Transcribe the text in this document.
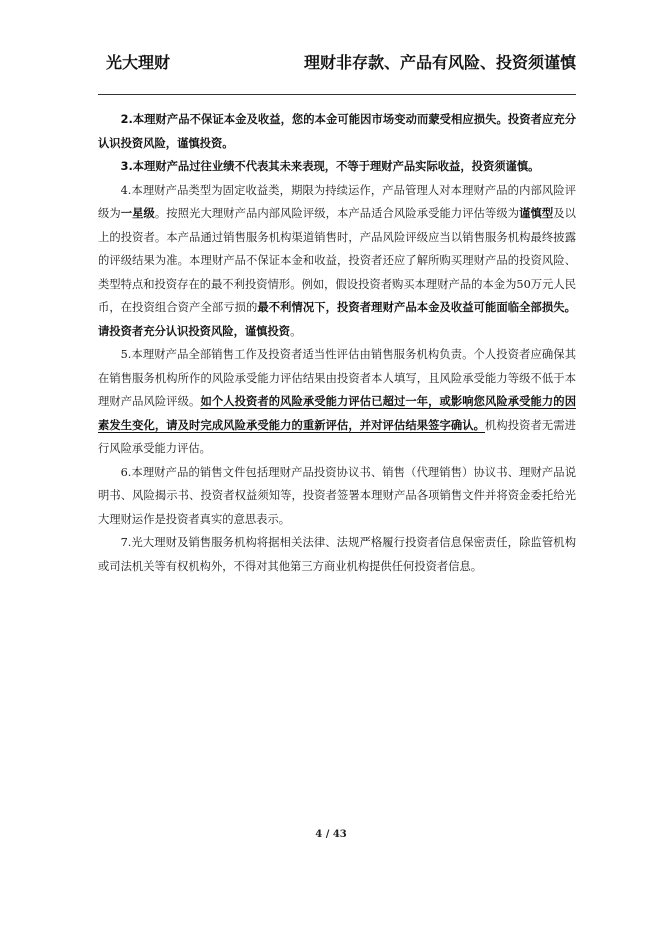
光大理财	理财非存款、产品有风险、投资须谨慎

2.本理财产品不保证本金及收益，您的本金可能因市场变动而蒙受相应损失。投资者应充分认识投资风险，谨慎投资。

3.本理财产品过往业绩不代表其未来表现，不等于理财产品实际收益，投资须谨慎。

4.本理财产品类型为固定收益类，期限为持续运作，产品管理人对本理财产品的内部风险评级为一星级。按照光大理财产品内部风险评级，本产品适合风险承受能力评估等级为谨慎型及以上的投资者。本产品通过销售服务机构渠道销售时，产品风险评级应当以销售服务机构最终披露的评级结果为准。本理财产品不保证本金和收益，投资者还应了解所购买理财产品的投资风险、类型特点和投资存在的最不利投资情形。例如，假设投资者购买本理财产品的本金为50万元人民币，在投资组合资产全部亏损的最不利情况下，投资者理财产品本金及收益可能面临全部损失。请投资者充分认识投资风险，谨慎投资。

5.本理财产品全部销售工作及投资者适当性评估由销售服务机构负责。个人投资者应确保其在销售服务机构所作的风险承受能力评估结果由投资者本人填写，且风险承受能力等级不低于本理财产品风险评级。如个人投资者的风险承受能力评估已超过一年，或影响您风险承受能力的因素发生变化，请及时完成风险承受能力的重新评估，并对评估结果签字确认。机构投资者无需进行风险承受能力评估。

6.本理财产品的销售文件包括理财产品投资协议书、销售（代理销售）协议书、理财产品说明书、风险揭示书、投资者权益须知等，投资者签署本理财产品各项销售文件并将资金委托给光大理财运作是投资者真实的意思表示。

7.光大理财及销售服务机构将据相关法律、法规严格履行投资者信息保密责任，除监管机构或司法机关等有权机构外，不得对其他第三方商业机构提供任何投资者信息。

4 / 43
